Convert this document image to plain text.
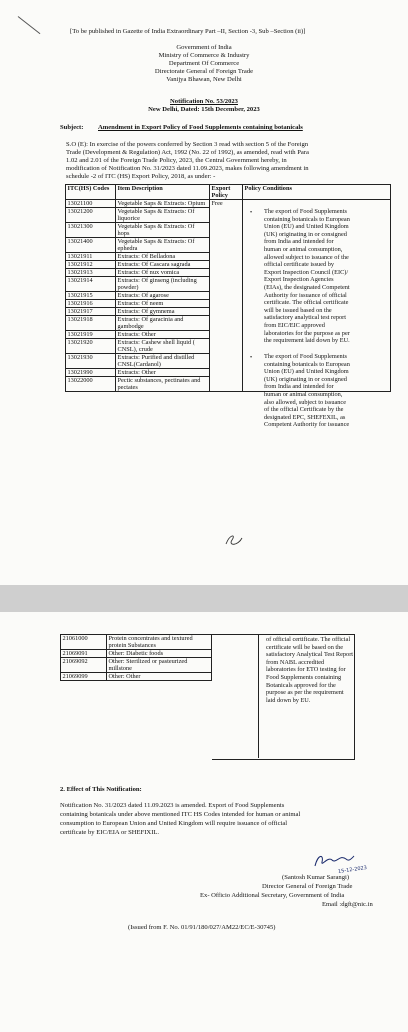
[To be published in Gazette of India Extraordinary Part –II, Section -3, Sub –Section (ii)]
Government of India
Ministry of Commerce & Industry
Department Of Commerce
Directorate General of Foreign Trade
Vanijya Bhawan, New Delhi
Notification No. 53/2023
New Delhi, Dated: 15th December, 2023
Subject: Amendment in Export Policy of Food Supplements containing botanicals
S.O (E): In exercise of the powers conferred by Section 3 read with section 5 of the Foreign
Trade (Development & Regulation) Act, 1992 (No. 22 of 1992), as amended, read with Para
1.02 and 2.01 of the Foreign Trade Policy, 2023, the Central Government hereby, in
modification of Notification No. 31/2023 dated 11.09.2023, makes following amendment in
schedule -2 of ITC (HS) Export Policy, 2018, as under: -
ITC(HS) Codes	Item Description	Export Policy	Policy Conditions
13021100	Vegetable Saps & Extracts: Opium	Free	
13021200	Vegetable Saps & Extracts: Of liquorice		
13021300	Vegetable Saps & Extracts: Of hops		
13021400	Vegetable Saps & Extracts: Of ephedra		
13021911	Extracts: Of Belladona		
13021912	Extracts: Of Cascara sagrada		
13021913	Extracts: Of nux vomica		
13021914	Extracts: Of ginseng (including powder)		
13021915	Extracts: Of agarose		
13021916	Extracts: Of neem		
13021917	Extracts: Of gymnema		
13021918	Extracts: Of garacinia and gambodge		
13021919	Extracts: Other		
13021920	Extracts: Cashew shell liquid ( CNSL), crude		
13021930	Extracts: Purified and distilled CNSL(Cardanol)		
13021990	Extracts: Other		
13022000	Pectic substances, pectinates and pectates		
• The export of Food Supplements
containing botanicals to European
Union (EU) and United Kingdom
(UK) originating in or consigned
from India and intended for
human or animal consumption,
allowed subject to issuance of the
official certificate issued by
Export Inspection Council (EIC)/
Export Inspection Agencies
(EIAs), the designated Competent
Authority for issuance of official
certificate. The official certificate
will be issued based on the
satisfactory analytical test report
from EIC/EIC approved
laboratories for the purpose as per
the requirement laid down by EU.
• The export of Food Supplements
containing botanicals to European
Union (EU) and United Kingdom
(UK) originating in or consigned
from India and intended for
human or animal consumption,
also allowed, subject to issuance
of the official Certificate by the
designated EPC, SHEFEXIL, as
Competent Authority for issuance
21061000	Protein concentrates and textured protein Substances
21069091	Other: Diabetic foods
21069092	Other: Sterilized or pasteurized millstone
21069099	Other: Other
of official certificate. The official
certificate will be based on the
satisfactory Analytical Test Report
from NABL accredited
laboratories for ETO testing for
Food Supplements containing
Botanicals approved for the
purpose as per the requirement
laid down by EU.
2. Effect of This Notification:
Notification No. 31/2023 dated 11.09.2023 is amended. Export of Food Supplements
containing botanicals under above mentioned ITC HS Codes intended for human or animal
consumption to European Union and United Kingdom will require issuance of official
certificate by EIC/EIA or SHEFIXIL.
15-12-2023
(Santosh Kumar Sarangi)
Director General of Foreign Trade
Ex- Officio Additional Secretary, Government of India
Email :dgft@nic.in
(Issued from F. No. 01/91/180/027/AM22/EC/E-30745)
